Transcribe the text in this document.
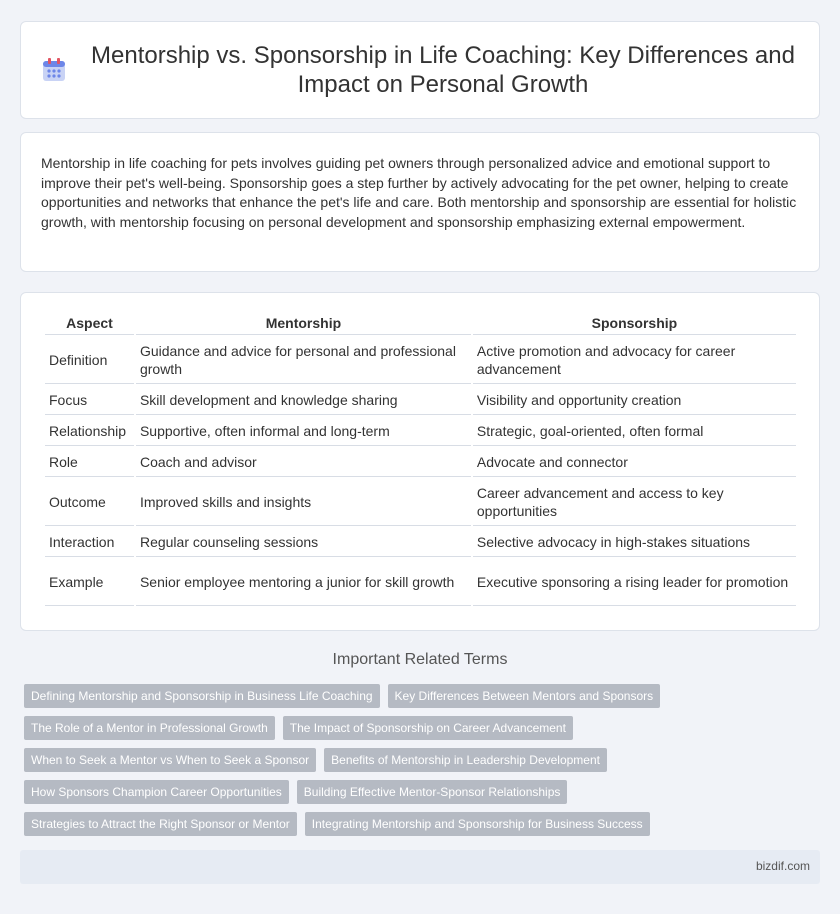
Mentorship vs. Sponsorship in Life Coaching: Key Differences and Impact on Personal Growth

Mentorship in life coaching for pets involves guiding pet owners through personalized advice and emotional support to improve their pet's well-being. Sponsorship goes a step further by actively advocating for the pet owner, helping to create opportunities and networks that enhance the pet's life and care. Both mentorship and sponsorship are essential for holistic growth, with mentorship focusing on personal development and sponsorship emphasizing external empowerment.

Aspect	Mentorship	Sponsorship
Definition	Guidance and advice for personal and professional growth	Active promotion and advocacy for career advancement
Focus	Skill development and knowledge sharing	Visibility and opportunity creation
Relationship	Supportive, often informal and long-term	Strategic, goal-oriented, often formal
Role	Coach and advisor	Advocate and connector
Outcome	Improved skills and insights	Career advancement and access to key opportunities
Interaction	Regular counseling sessions	Selective advocacy in high-stakes situations
Example	Senior employee mentoring a junior for skill growth	Executive sponsoring a rising leader for promotion
Important Related Terms
Defining Mentorship and Sponsorship in Business Life Coaching	Key Differences Between Mentors and Sponsors
The Role of a Mentor in Professional Growth	The Impact of Sponsorship on Career Advancement
When to Seek a Mentor vs When to Seek a Sponsor	Benefits of Mentorship in Leadership Development
How Sponsors Champion Career Opportunities	Building Effective Mentor-Sponsor Relationships
Strategies to Attract the Right Sponsor or Mentor	Integrating Mentorship and Sponsorship for Business Success
bizdif.com
